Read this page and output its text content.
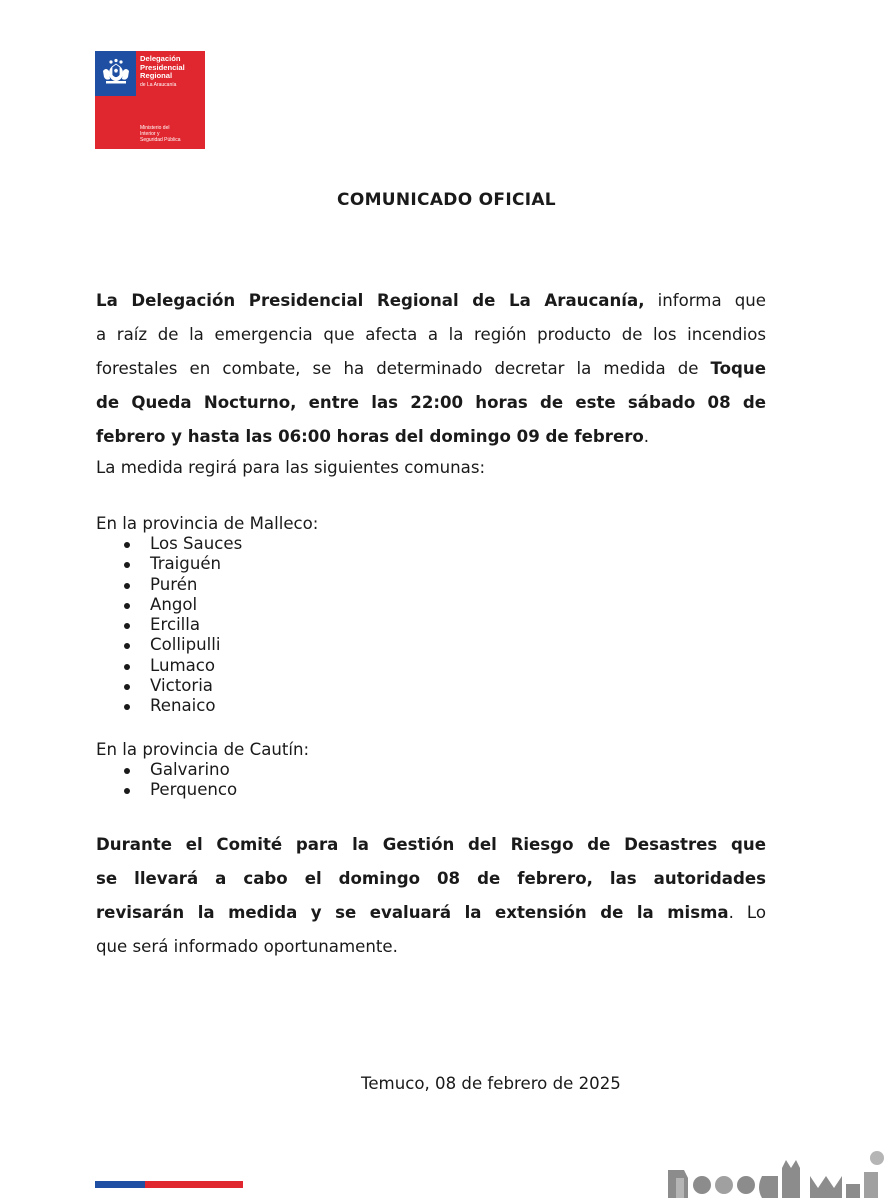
Delegación
Presidencial
Regional
de La Araucanía
Ministerio del
Interior y
Seguridad Pública
COMUNICADO OFICIAL
La Delegación Presidencial Regional de La Araucanía, informa que
a raíz de la emergencia que afecta a la región producto de los incendios
forestales en combate, se ha determinado decretar la medida de Toque
de Queda Nocturno, entre las 22:00 horas de este sábado 08 de
febrero y hasta las 06:00 horas del domingo 09 de febrero.
La medida regirá para las siguientes comunas:
En la provincia de Malleco:
Los Sauces
Traiguén
Purén
Angol
Ercilla
Collipulli
Lumaco
Victoria
Renaico
En la provincia de Cautín:
Galvarino
Perquenco
Durante el Comité para la Gestión del Riesgo de Desastres que
se llevará a cabo el domingo 08 de febrero, las autoridades
revisarán la medida y se evaluará la extensión de la misma. Lo
que será informado oportunamente.
Temuco, 08 de febrero de 2025
